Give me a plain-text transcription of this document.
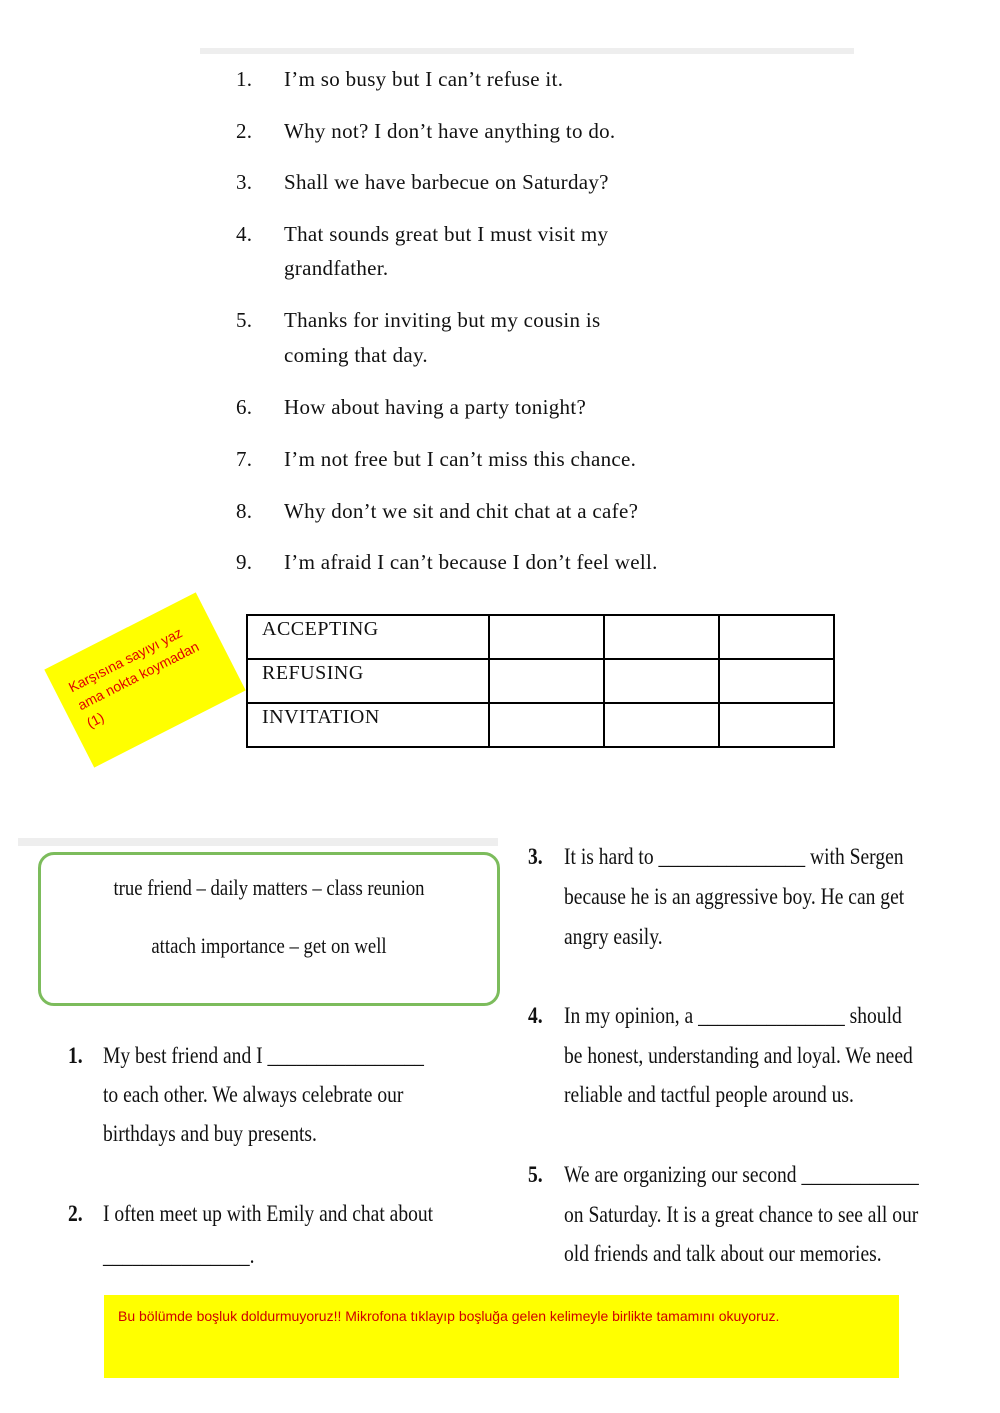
1.	I’m so busy but I can’t refuse it.
2.	Why not? I don’t have anything to do.
3.	Shall we have barbecue on Saturday?
4.	That sounds great but I must visit my
grandfather.
5.	Thanks for inviting but my cousin is
coming that day.
6.	How about having a party tonight?
7.	I’m not free but I can’t miss this chance.
8.	Why don’t we sit and chit chat at a cafe?
9.	I’m afraid I can’t because I don’t feel well.
Karşısına sayıyı yaz ama nokta koymadan (1)
ACCEPTING			
REFUSING			
INVITATION			
true friend – daily matters – class reunion
attach importance – get on well
1. My best friend and I ________________
to each other. We always celebrate our
birthdays and buy presents.
2. I often meet up with Emily and chat about
_______________.
3. It is hard to _______________ with Sergen
because he is an aggressive boy. He can get
angry easily.
4. In my opinion, a _______________ should
be honest, understanding and loyal. We need
reliable and tactful people around us.
5. We are organizing our second ____________
on Saturday. It is a great chance to see all our
old friends and talk about our memories.
Bu bölümde boşluk doldurmuyoruz!! Mikrofona tıklayıp boşluğa gelen kelimeyle birlikte tamamını okuyoruz.
